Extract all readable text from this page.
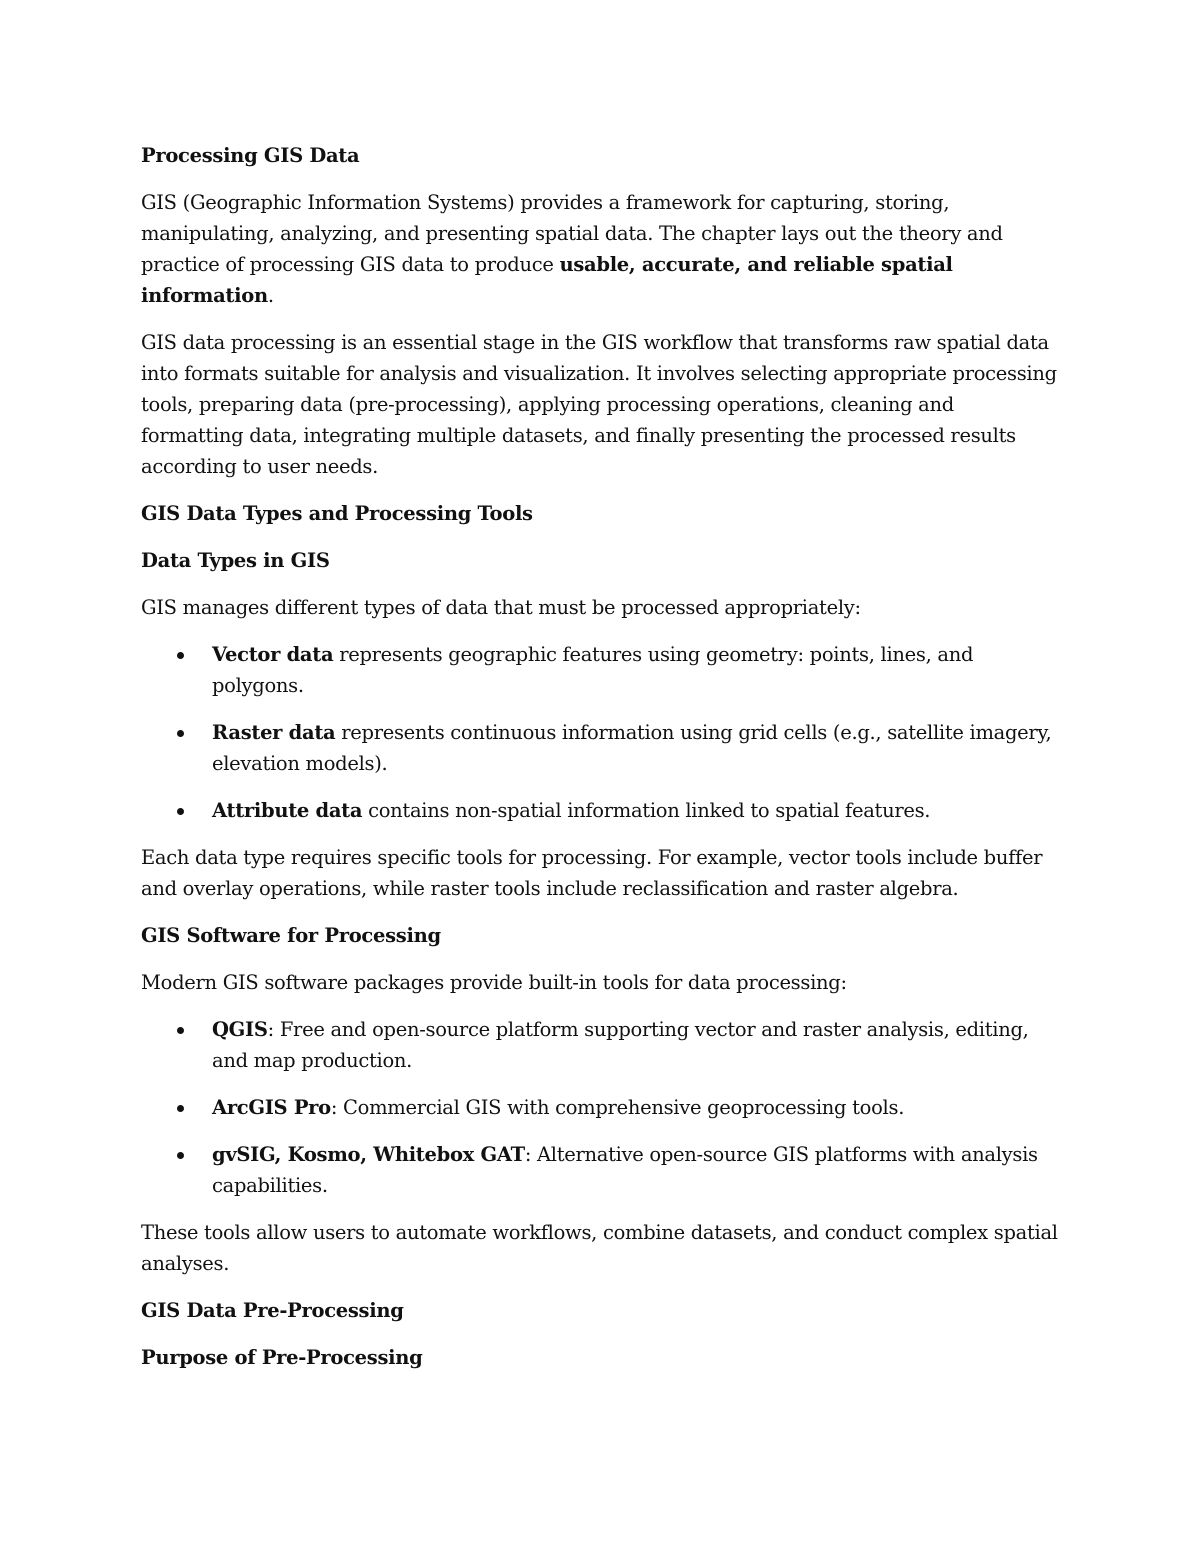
Processing GIS Data

GIS (Geographic Information Systems) provides a framework for capturing, storing, manipulating, analyzing, and presenting spatial data. The chapter lays out the theory and practice of processing GIS data to produce usable, accurate, and reliable spatial information.

GIS data processing is an essential stage in the GIS workflow that transforms raw spatial data into formats suitable for analysis and visualization. It involves selecting appropriate processing tools, preparing data (pre-processing), applying processing operations, cleaning and formatting data, integrating multiple datasets, and finally presenting the processed results according to user needs.

GIS Data Types and Processing Tools
Data Types in GIS

GIS manages different types of data that must be processed appropriately:

Vector data represents geographic features using geometry: points, lines, and polygons.
Raster data represents continuous information using grid cells (e.g., satellite imagery, elevation models).
Attribute data contains non-spatial information linked to spatial features.

Each data type requires specific tools for processing. For example, vector tools include buffer and overlay operations, while raster tools include reclassification and raster algebra.

GIS Software for Processing

Modern GIS software packages provide built-in tools for data processing:

QGIS: Free and open-source platform supporting vector and raster analysis, editing, and map production.
ArcGIS Pro: Commercial GIS with comprehensive geoprocessing tools.
gvSIG, Kosmo, Whitebox GAT: Alternative open-source GIS platforms with analysis capabilities.

These tools allow users to automate workflows, combine datasets, and conduct complex spatial analyses.

GIS Data Pre-Processing
Purpose of Pre-Processing
